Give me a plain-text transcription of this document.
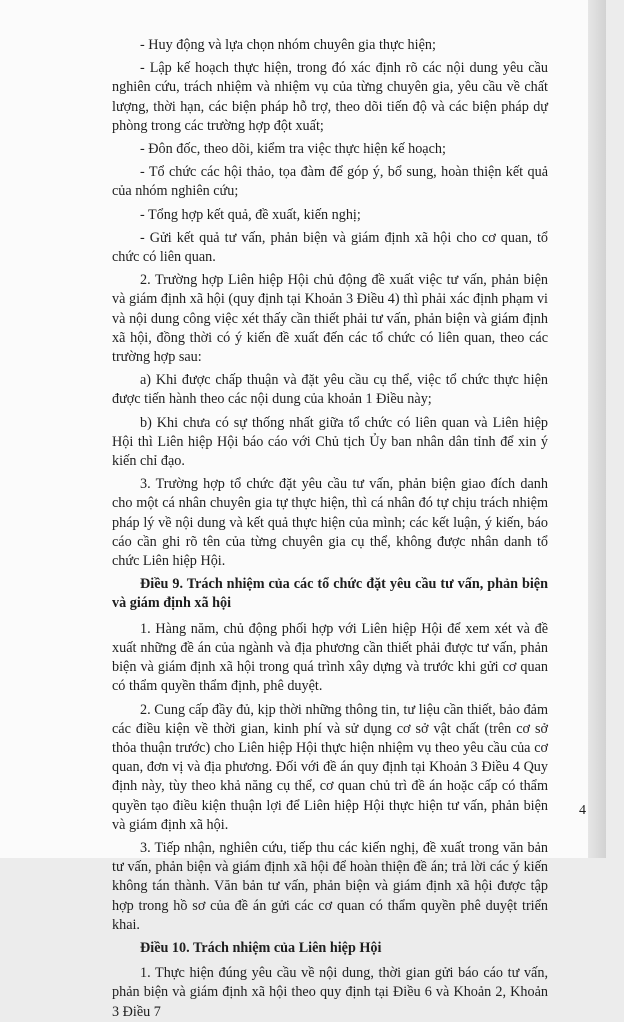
- Huy động và lựa chọn nhóm chuyên gia thực hiện;

- Lập kế hoạch thực hiện, trong đó xác định rõ các nội dung yêu cầu nghiên cứu, trách nhiệm và nhiệm vụ của từng chuyên gia, yêu cầu về chất lượng, thời hạn, các biện pháp hỗ trợ, theo dõi tiến độ và các biện pháp dự phòng trong các trường hợp đột xuất;

- Đôn đốc, theo dõi, kiểm tra việc thực hiện kế hoạch;

- Tổ chức các hội thảo, tọa đàm để góp ý, bổ sung, hoàn thiện kết quả của nhóm nghiên cứu;

- Tổng hợp kết quả, đề xuất, kiến nghị;

- Gửi kết quả tư vấn, phản biện và giám định xã hội cho cơ quan, tổ chức có liên quan.

2. Trường hợp Liên hiệp Hội chủ động đề xuất việc tư vấn, phản biện và giám định xã hội (quy định tại Khoản 3 Điều 4) thì phải xác định phạm vi và nội dung công việc xét thấy cần thiết phải tư vấn, phản biện và giám định xã hội, đồng thời có ý kiến đề xuất đến các tổ chức có liên quan, theo các trường hợp sau:

a) Khi được chấp thuận và đặt yêu cầu cụ thể, việc tổ chức thực hiện được tiến hành theo các nội dung của khoản 1 Điều này;

b) Khi chưa có sự thống nhất giữa tổ chức có liên quan và Liên hiệp Hội thì Liên hiệp Hội báo cáo với Chủ tịch Ủy ban nhân dân tỉnh để xin ý kiến chỉ đạo.

3. Trường hợp tổ chức đặt yêu cầu tư vấn, phản biện giao đích danh cho một cá nhân chuyên gia tự thực hiện, thì cá nhân đó tự chịu trách nhiệm pháp lý về nội dung và kết quả thực hiện của mình; các kết luận, ý kiến, báo cáo cần ghi rõ tên của từng chuyên gia cụ thể, không được nhân danh tổ chức Liên hiệp Hội.

Điều 9. Trách nhiệm của các tổ chức đặt yêu cầu tư vấn, phản biện và giám định xã hội

1. Hàng năm, chủ động phối hợp với Liên hiệp Hội để xem xét và đề xuất những đề án của ngành và địa phương cần thiết phải được tư vấn, phản biện và giám định xã hội trong quá trình xây dựng và trước khi gửi cơ quan có thẩm quyền thẩm định, phê duyệt.

2. Cung cấp đầy đủ, kịp thời những thông tin, tư liệu cần thiết, bảo đảm các điều kiện về thời gian, kinh phí và sử dụng cơ sở vật chất (trên cơ sở thỏa thuận trước) cho Liên hiệp Hội thực hiện nhiệm vụ theo yêu cầu của cơ quan, đơn vị và địa phương. Đối với đề án quy định tại Khoản 3 Điều 4 Quy định này, tùy theo khả năng cụ thể, cơ quan chủ trì đề án hoặc cấp có thẩm quyền tạo điều kiện thuận lợi để Liên hiệp Hội thực hiện tư vấn, phản biện và giám định xã hội.

3. Tiếp nhận, nghiên cứu, tiếp thu các kiến nghị, đề xuất trong văn bản tư vấn, phản biện và giám định xã hội để hoàn thiện đề án; trả lời các ý kiến không tán thành. Văn bản tư vấn, phản biện và giám định xã hội được tập hợp trong hồ sơ của đề án gửi các cơ quan có thẩm quyền phê duyệt triển khai.

Điều 10. Trách nhiệm của Liên hiệp Hội

1. Thực hiện đúng yêu cầu về nội dung, thời gian gửi báo cáo tư vấn, phản biện và giám định xã hội theo quy định tại Điều 6 và Khoản 2, Khoản 3 Điều 7

4
